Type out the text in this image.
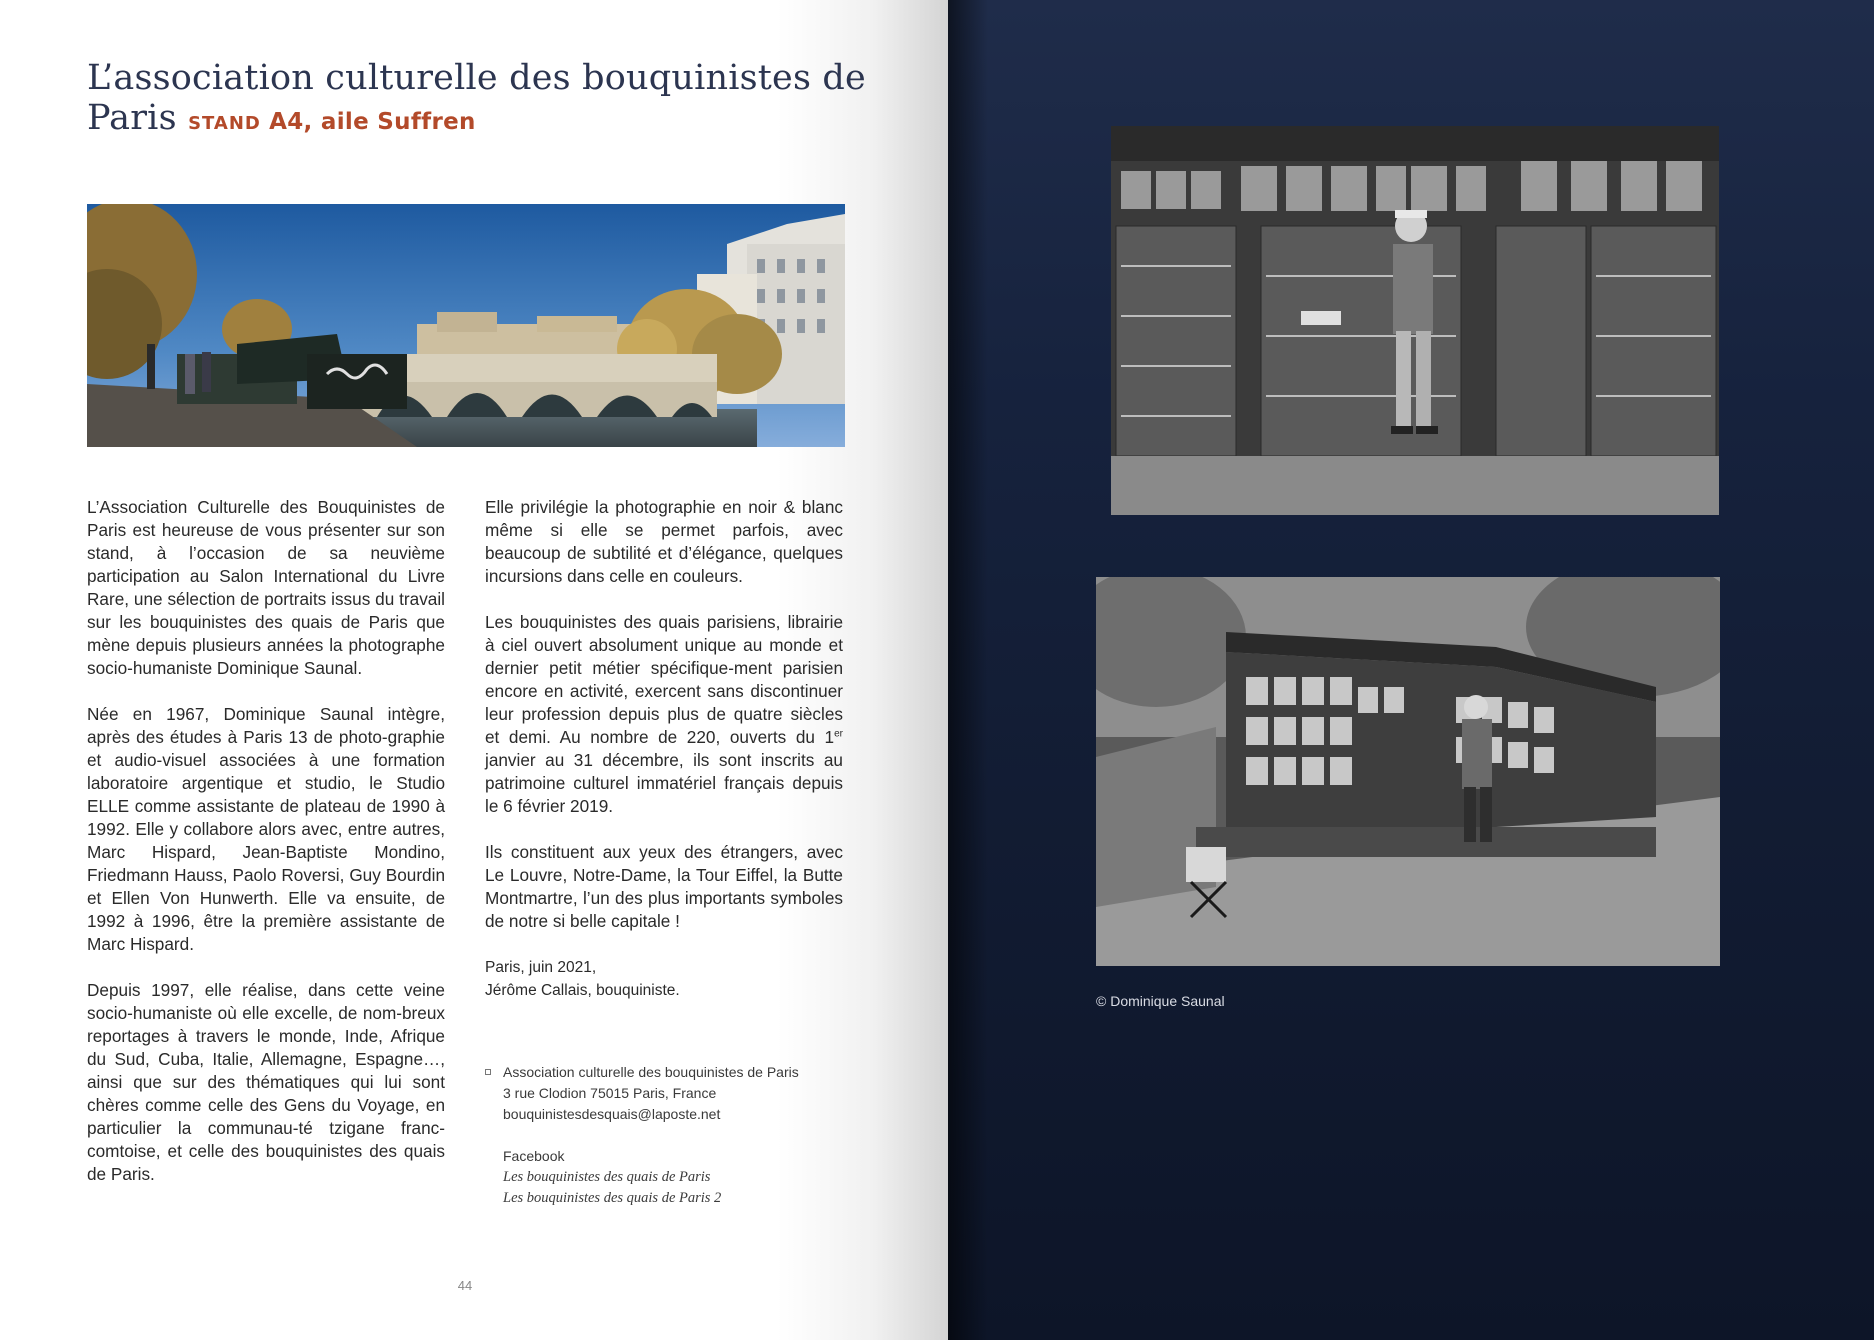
L’association culturelle des bouquinistes de Paris STAND A4, aile Suffren

L’Association Culturelle des Bouquinistes de Paris est heureuse de vous présenter sur son stand, à l’occasion de sa neuvième participation au Salon International du Livre Rare, une sélection de portraits issus du travail sur les bouquinistes des quais de Paris que mène depuis plusieurs années la photographe socio-humaniste Dominique Saunal.

Née en 1967, Dominique Saunal intègre, après des études à Paris 13 de photo-graphie et audio-visuel associées à une formation laboratoire argentique et studio, le Studio ELLE comme assistante de plateau de 1990 à 1992. Elle y collabore alors avec, entre autres, Marc Hispard, Jean-Baptiste Mondino, Friedmann Hauss, Paolo Roversi, Guy Bourdin et Ellen Von Hunwerth. Elle va ensuite, de 1992 à 1996, être la première assistante de Marc Hispard.

Depuis 1997, elle réalise, dans cette veine socio-humaniste où elle excelle, de nom-breux reportages à travers le monde, Inde, Afrique du Sud, Cuba, Italie, Allemagne, Espagne…, ainsi que sur des thématiques qui lui sont chères comme celle des Gens du Voyage, en particulier la communau-té tzigane franc-comtoise, et celle des bouquinistes des quais de Paris.

Elle privilégie la photographie en noir & blanc même si elle se permet parfois, avec beaucoup de subtilité et d’élégance, quelques incursions dans celle en couleurs.

Les bouquinistes des quais parisiens, librairie à ciel ouvert absolument unique au monde et dernier petit métier spécifique-ment parisien encore en activité, exercent sans discontinuer leur profession depuis plus de quatre siècles et demi. Au nombre de 220, ouverts du 1er janvier au 31 décembre, ils sont inscrits au patrimoine culturel immatériel français depuis le 6 février 2019.

Ils constituent aux yeux des étrangers, avec Le Louvre, Notre-Dame, la Tour Eiffel, la Butte Montmartre, l’un des plus importants symboles de notre si belle capitale !

Paris, juin 2021,
Jérôme Callais, bouquiniste.
Association culturelle des bouquinistes de Paris
3 rue Clodion 75015 Paris, France
bouquinistesdesquais@laposte.net
Facebook
Les bouquinistes des quais de Paris
Les bouquinistes des quais de Paris 2
44
© Dominique Saunal
